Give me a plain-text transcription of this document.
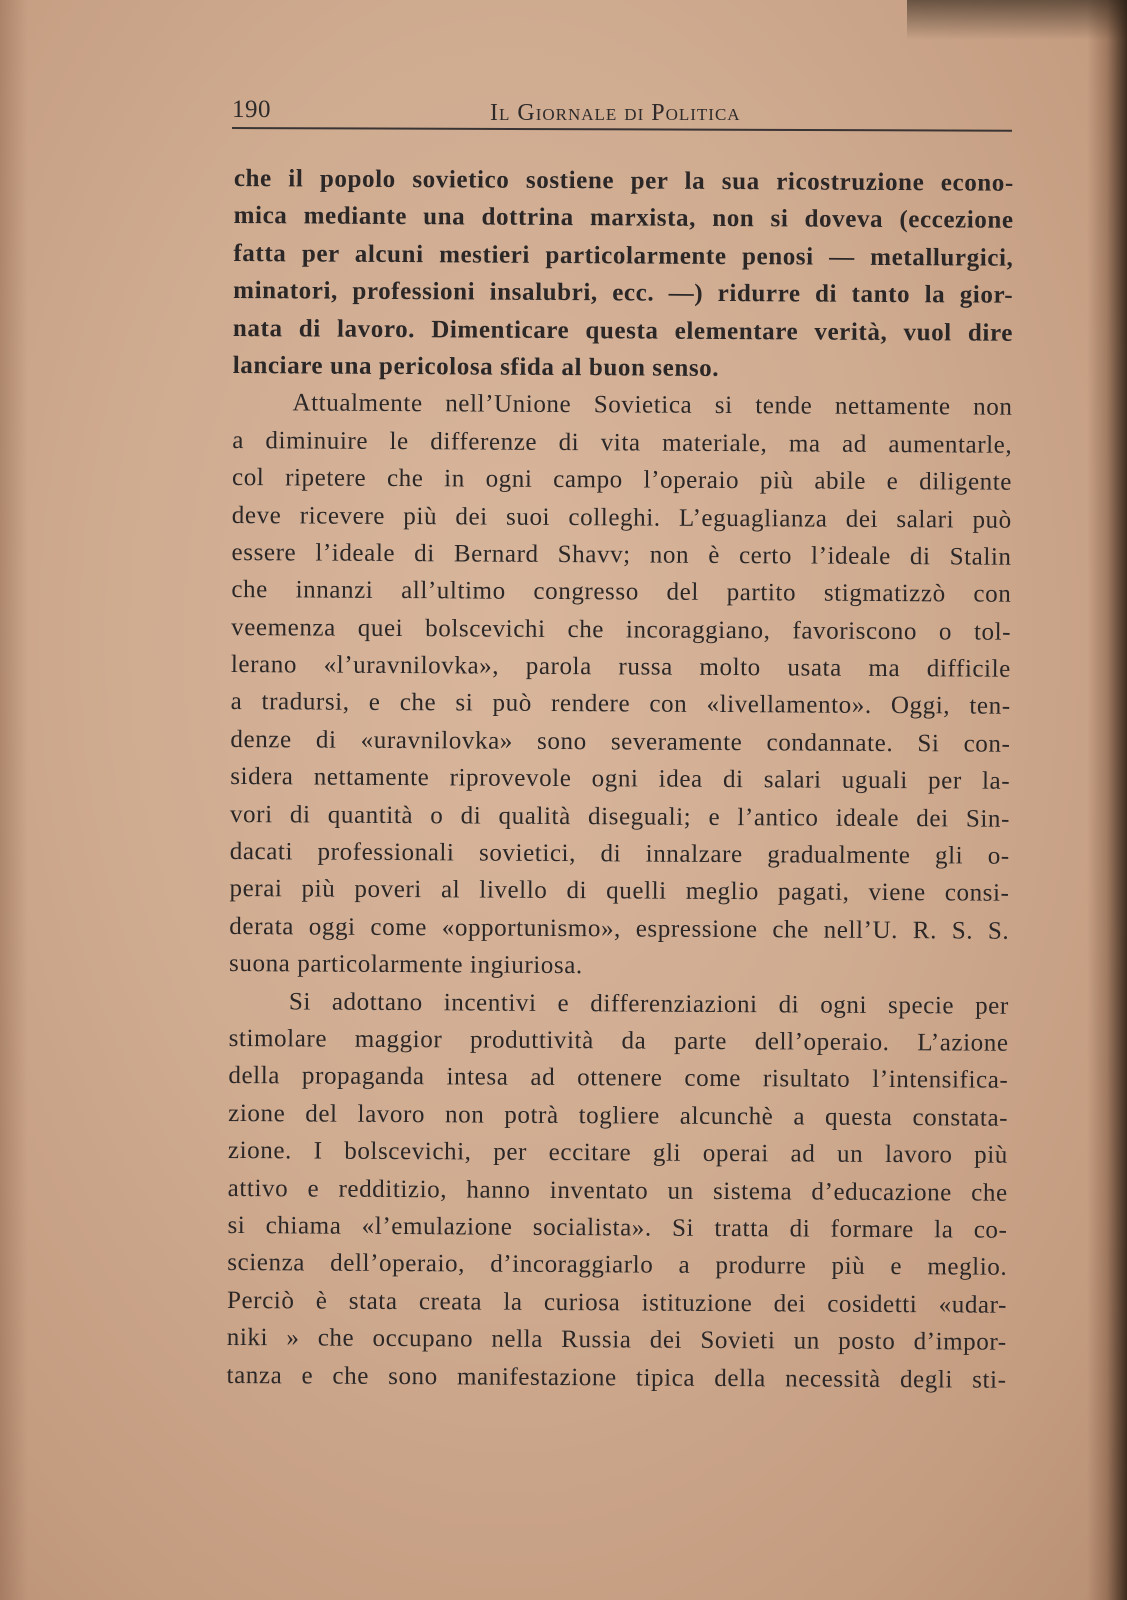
190	Il Giornale di Politica
che il popolo sovietico sostiene per la sua ricostruzione econo-
mica mediante una dottrina marxista, non si doveva (eccezione
fatta per alcuni mestieri particolarmente penosi — metallurgici,
minatori, professioni insalubri, ecc. —) ridurre di tanto la gior-
nata di lavoro. Dimenticare questa elementare verità, vuol dire
lanciare una pericolosa sfida al buon senso.
Attualmente nell’Unione Sovietica si tende nettamente non
a diminuire le differenze di vita materiale, ma ad aumentarle,
col ripetere che in ogni campo l’operaio più abile e diligente
deve ricevere più dei suoi colleghi. L’eguaglianza dei salari può
essere l’ideale di Bernard Shavv; non è certo l’ideale di Stalin
che innanzi all’ultimo congresso del partito stigmatizzò con
veemenza quei bolscevichi che incoraggiano, favoriscono o tol-
lerano «l’uravnilovka», parola russa molto usata ma difficile
a tradursi, e che si può rendere con «livellamento». Oggi, ten-
denze di «uravnilovka» sono severamente condannate. Si con-
sidera nettamente riprovevole ogni idea di salari uguali per la-
vori di quantità o di qualità diseguali; e l’antico ideale dei Sin-
dacati professionali sovietici, di innalzare gradualmente gli o-
perai più poveri al livello di quelli meglio pagati, viene consi-
derata oggi come «opportunismo», espressione che nell’U. R. S. S.
suona particolarmente ingiuriosa.
Si adottano incentivi e differenziazioni di ogni specie per
stimolare maggior produttività da parte dell’operaio. L’azione
della propaganda intesa ad ottenere come risultato l’intensifica-
zione del lavoro non potrà togliere alcunchè a questa constata-
zione. I bolscevichi, per eccitare gli operai ad un lavoro più
attivo e redditizio, hanno inventato un sistema d’educazione che
si chiama «l’emulazione socialista». Si tratta di formare la co-
scienza dell’operaio, d’incoraggiarlo a produrre più e meglio.
Perciò è stata creata la curiosa istituzione dei cosidetti «udar-
niki » che occupano nella Russia dei Sovieti un posto d’impor-
tanza e che sono manifestazione tipica della necessità degli sti-
